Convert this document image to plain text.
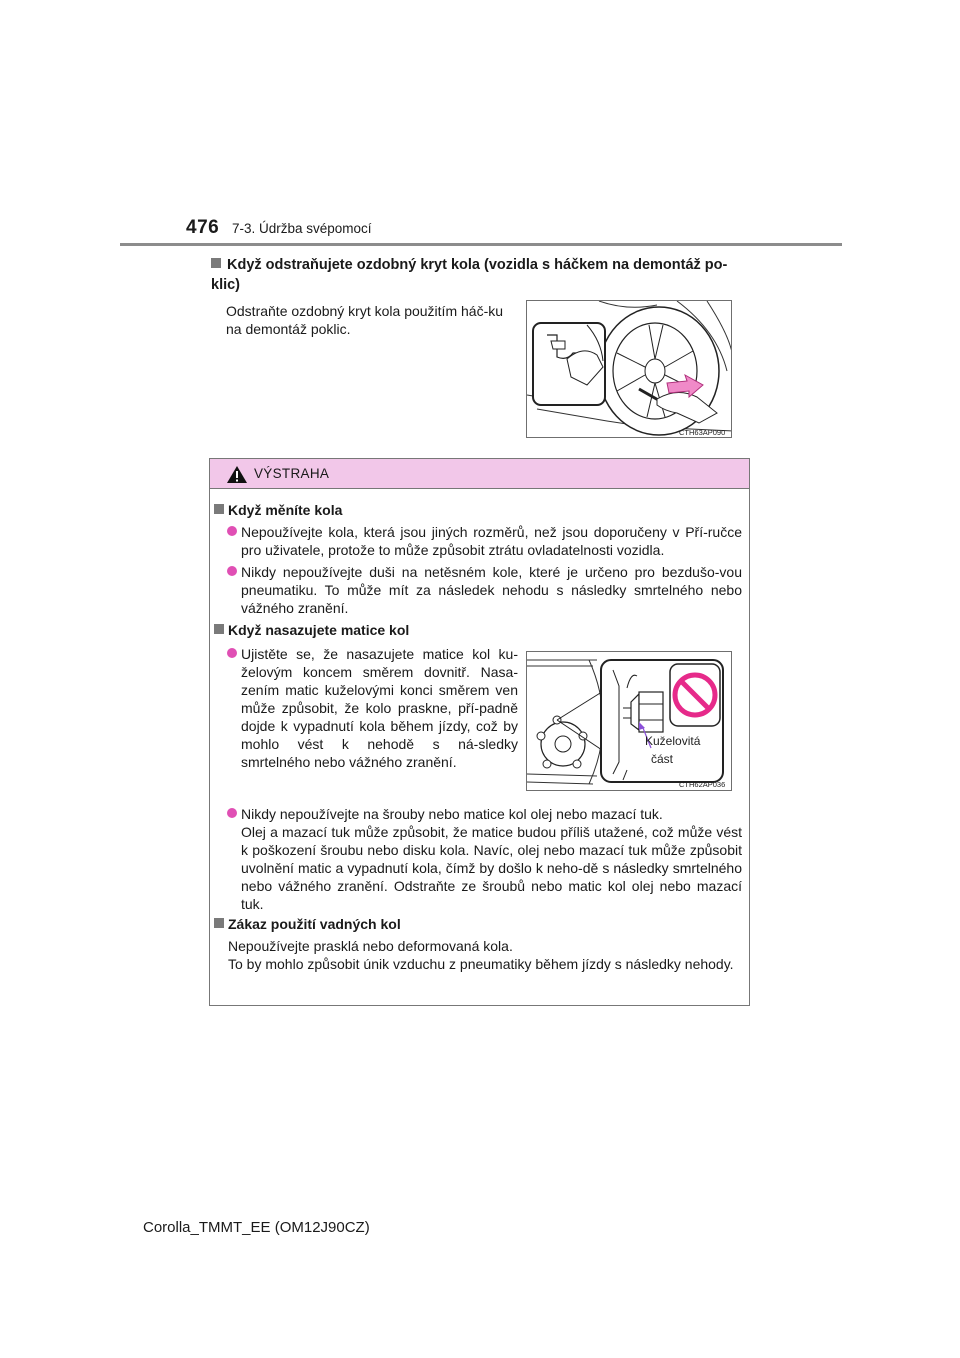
476 7-3. Údržba svépomocí
Když odstraňujete ozdobný kryt kola (vozidla s háčkem na demontáž po-klic)
Odstraňte ozdobný kryt kola použitím háč-ku na demontáž poklic.
CTH63AP090
VÝSTRAHA
Když měníte kola
Nepoužívejte kola, která jsou jiných rozměrů, než jsou doporučeny v Pří-ručce pro uživatele, protože to může způsobit ztrátu ovladatelnosti vozidla.
Nikdy nepoužívejte duši na netěsném kole, které je určeno pro bezdušo-vou pneumatiku. To může mít za následek nehodu s následky smrtelného nebo vážného zranění.
Když nasazujete matice kol
Ujistěte se, že nasazujete matice kol ku-želovým koncem směrem dovnitř. Nasa-zením matic kuželovými konci směrem ven může způsobit, že kolo praskne, pří-padně dojde k vypadnutí kola během jízdy, což by mohlo vést k nehodě s ná-sledky smrtelného nebo vážného zranění.
Kuželovitá
část
CTH62AP036
Nikdy nepoužívejte na šrouby nebo matice kol olej nebo mazací tuk.
Olej a mazací tuk může způsobit, že matice budou příliš utažené, což může vést k poškození šroubu nebo disku kola. Navíc, olej nebo mazací tuk může způsobit uvolnění matic a vypadnutí kola, čímž by došlo k neho-dě s následky smrtelného nebo vážného zranění. Odstraňte ze šroubů nebo matic kol olej nebo mazací tuk.
Zákaz použití vadných kol
Nepoužívejte prasklá nebo deformovaná kola.
To by mohlo způsobit únik vzduchu z pneumatiky během jízdy s následky nehody.
Corolla_TMMT_EE (OM12J90CZ)
